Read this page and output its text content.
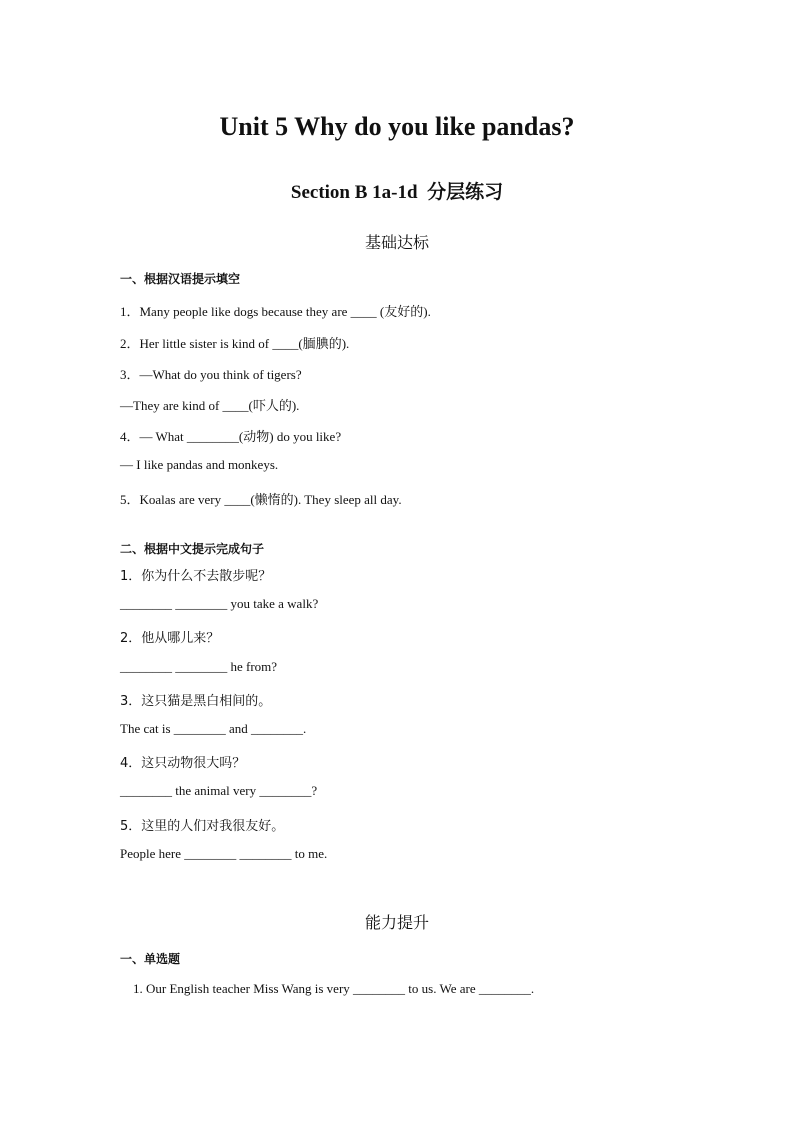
Unit 5 Why do you like pandas?
Section B 1a-1d 分层练习
基础达标
一、根据汉语提示填空
1．Many people like dogs because they are ____ (友好的).
2．Her little sister is kind of ____(腼腆的).
3．—What do you think of tigers?
—They are kind of ____(吓人的).
4．— What ________(动物) do you like?
— I like pandas and monkeys.
5．Koalas are very ____(懒惰的). They sleep all day.
二、根据中文提示完成句子
1．你为什么不去散步呢？
________ ________ you take a walk?
2．他从哪儿来？
________ ________ he from?
3．这只猫是黑白相间的。
The cat is ________ and ________.
4．这只动物很大吗？
________ the animal very ________?
5．这里的人们对我很友好。
People here ________ ________ to me.
能力提升
一、单选题
1. Our English teacher Miss Wang is very ________ to us. We are ________.
